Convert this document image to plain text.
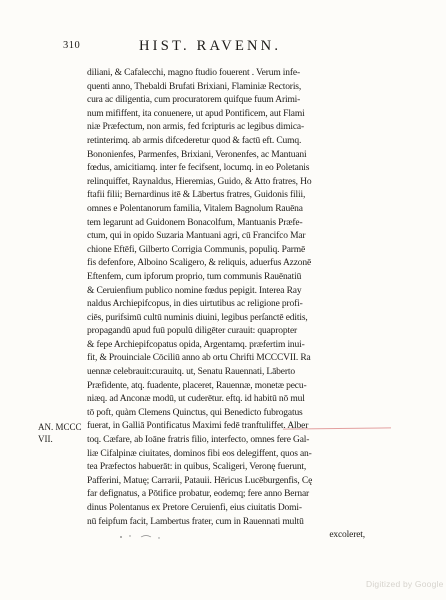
310	HIST. RAVENN.
AN. MCCC
VII.
diliani, & Cafalecchi, magno ftudio fouerent . Verum infe-
quenti anno, Thebaldi Brufati Brixiani, Flaminiæ Rectoris,
cura ac diligentia, cum procuratorem quifque fuum Arimi-
num mififfent, ita conuenere, ut apud Pontificem, aut Flami
niæ Præfectum, non armis, fed fcripturis ac legibus dimica-
retinterimq. ab armis difcederetur quod & factū eft. Cumq.
Bononienfes, Parmenfes, Brixiani, Veronenfes, ac Mantuani
fœdus, amicitiamq. inter fe fecifsent, locumq. in eo Poletanis
relinquiffet, Raynaldus, Hieremias, Guido, & Atto fratres, Ho
ftafii filii; Bernardinus itē & Lābertus fratres, Guidonis filii,
omnes e Polentanorum familia, Vitalem Bagnolum Rauēna
tem legarunt ad Guidonem Bonacolfum, Mantuanis Præfe-
ctum, qui in opido Suzaria Mantuani agri, cū Francifco Mar
chione Eftēfi, Gilberto Corrigia Communis, populiq. Parmē
fis defenfore, Alboino Scaligero, & reliquis, aduerfus Azzonē
Eftenfem, cum ipforum proprio, tum communis Rauēnatiū
& Ceruienfium publico nomine fœdus pepigit. Interea Ray
naldus Archiepifcopus, in dies uirtutibus ac religione profi-
ciēs, purifsimū cultū numinis diuini, legibus perſanctē editis,
propagandū apud fuū populū diligēter curauit: quapropter
& fepe Archiepifcopatus opida, Argentamq. præfertim inui-
fit, & Prouinciale Cōciliū anno ab ortu Chrifti MCCCVII. Ra
uennæ celebrauit:curauitq. ut, Senatu Rauennati, Lāberto
Præfidente, atq. fuadente, placeret, Rauennæ, monetæ pecu-
niæq. ad Anconæ modū, ut cuderētur. eftq. id habitū nō mul
tō poft, quàm Clemens Quinctus, qui Benedicto fubrogatus
fuerat, in Galliā Pontificatus Maximi fedē tranftuliffet. Alber
toq. Cæfare, ab Ioāne fratris filio, interfecto, omnes fere Gal-
liæ Cifalpinæ ciuitates, dominos fibi eos delegiffent, quos an-
tea Præfectos habuerāt: in quibus, Scaligeri, Veronę fuerunt,
Pafferini, Matuę; Carrarii, Patauii. Hēricus Lucēburgenfis, Cę
far defignatus, a Pōtifice probatur, eodemq; fere anno Bernar
dinus Polentanus ex Pretore Ceruienfi, eius ciuitatis Domi-
nū feipfum facit, Lambertus frater, cum in Rauennati multū
excoleret,
Digitized by Google
